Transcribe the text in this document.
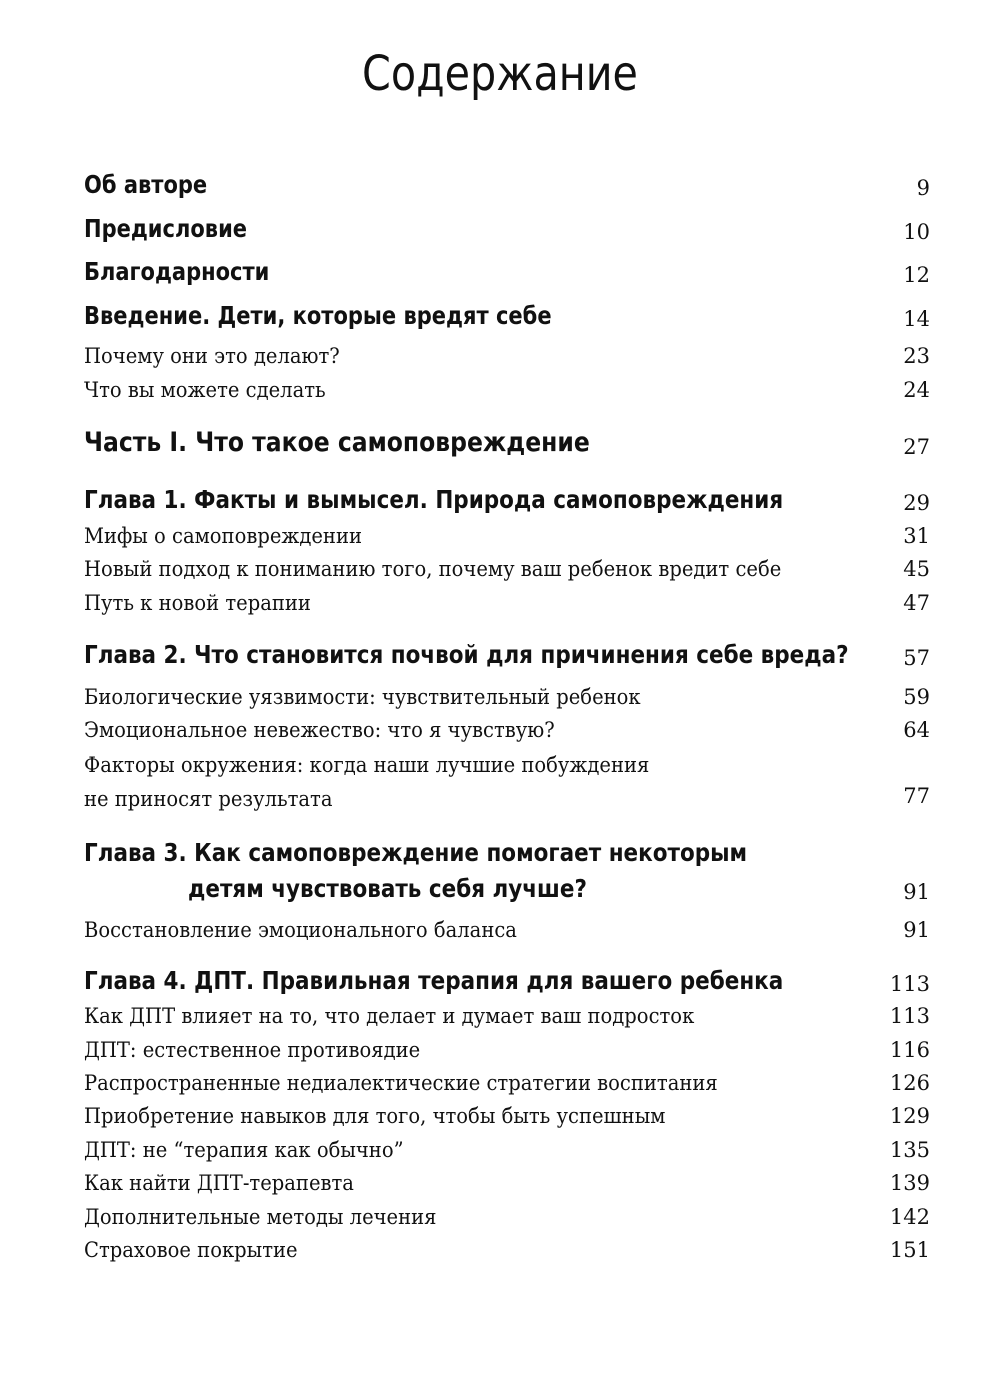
Содержание
Об авторе	9
Предисловие	10
Благодарности	12
Введение. Дети, которые вредят себе	14
Почему они это делают?	23
Что вы можете сделать	24
Часть I. Что такое самоповреждение	27
Глава 1. Факты и вымысел. Природа самоповреждения	29
Мифы о самоповреждении	31
Новый подход к пониманию того, почему ваш ребенок вредит себе	45
Путь к новой терапии	47
Глава 2. Что становится почвой для причинения себе вреда?	57
Биологические уязвимости: чувствительный ребенок	59
Эмоциональное невежество: что я чувствую?	64
Факторы окружения: когда наши лучшие побуждения
не приносят результата	77
Глава 3. Как самоповреждение помогает некоторым
детям чувствовать себя лучше?	91
Восстановление эмоционального баланса	91
Глава 4. ДПТ. Правильная терапия для вашего ребенка	113
Как ДПТ влияет на то, что делает и думает ваш подросток	113
ДПТ: естественное противоядие	116
Распространенные недиалектические стратегии воспитания	126
Приобретение навыков для того, чтобы быть успешным	129
ДПТ: не “терапия как обычно”	135
Как найти ДПТ-терапевта	139
Дополнительные методы лечения	142
Страховое покрытие	151
